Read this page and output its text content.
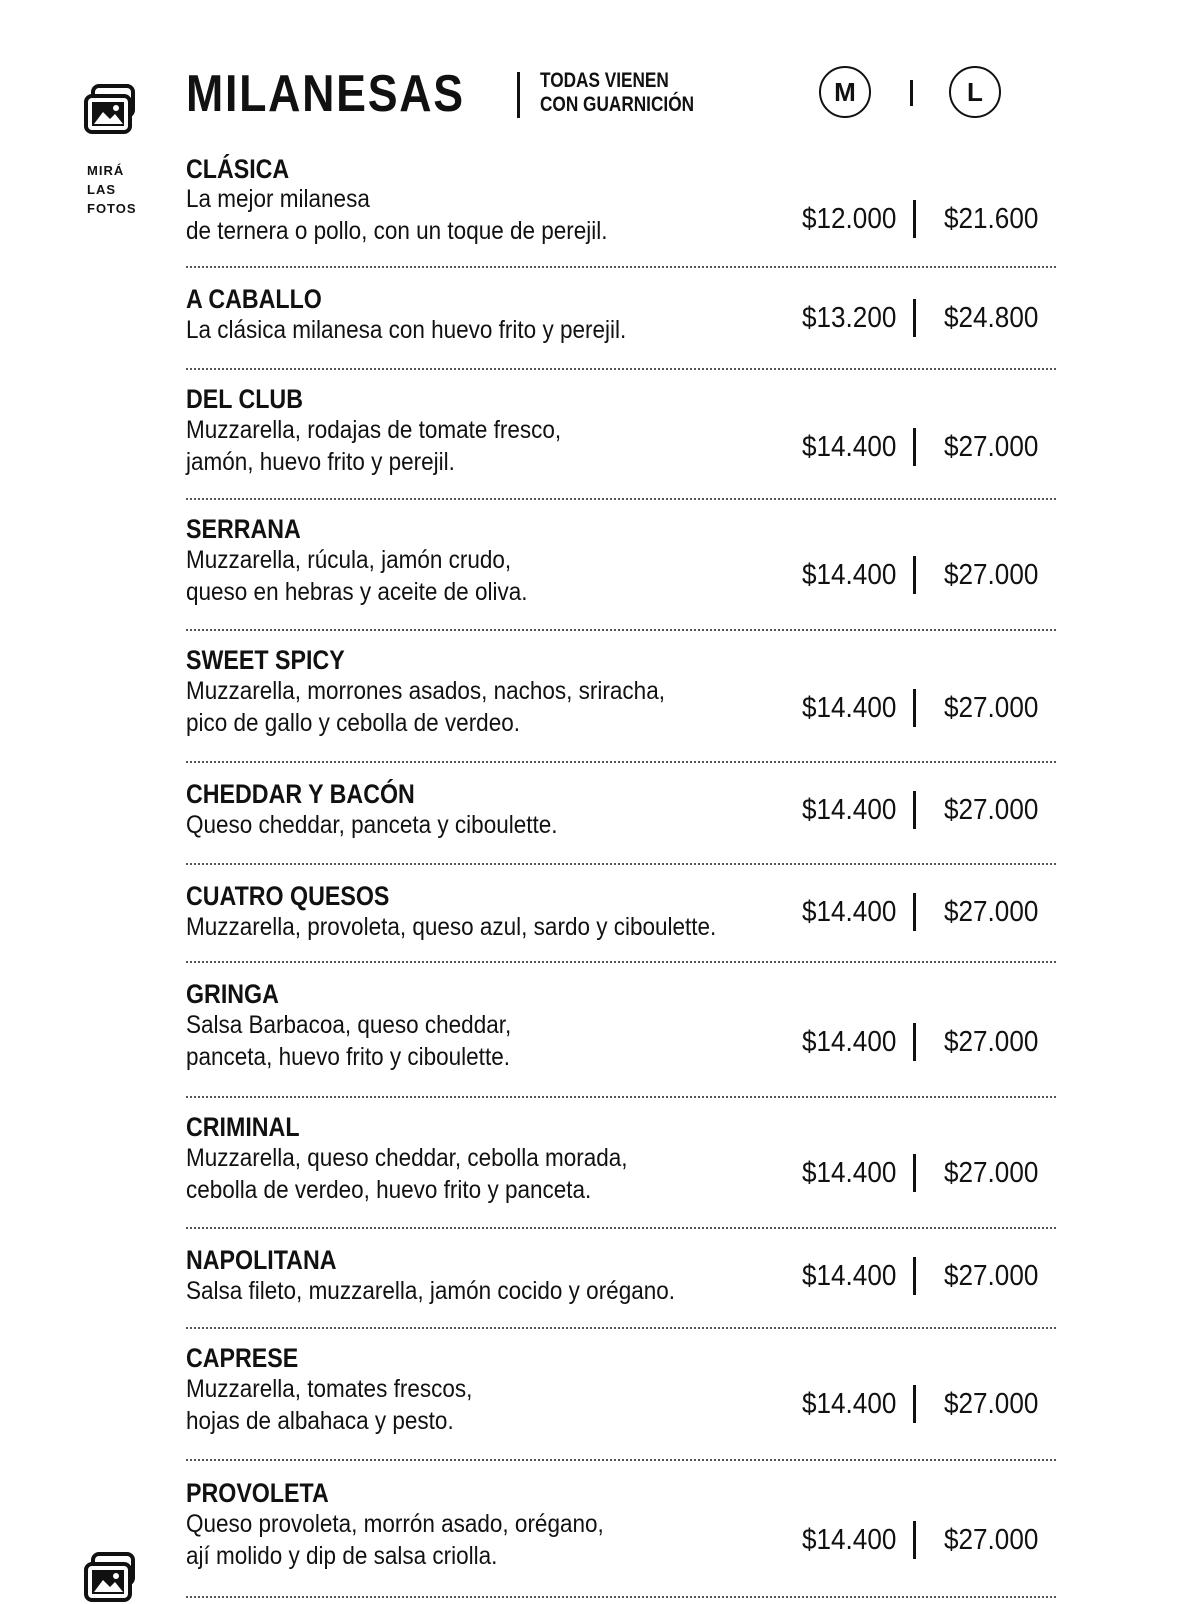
MIRÁ
LAS
FOTOS
MILANESAS	TODAS VIENEN
CON GUARNICIÓN	M	L
CLÁSICA
La mejor milanesa
de ternera o pollo, con un toque de perejil.	$12.000 $21.600
A CABALLO
La clásica milanesa con huevo frito y perejil.	$13.200 $24.800
DEL CLUB
Muzzarella, rodajas de tomate fresco,
jamón, huevo frito y perejil.	$14.400 $27.000
SERRANA
Muzzarella, rúcula, jamón crudo,
queso en hebras y aceite de oliva.
$14.400 $27.000
SWEET SPICY
Muzzarella, morrones asados, nachos, sriracha,
pico de gallo y cebolla de verdeo.	$14.400 $27.000
CHEDDAR Y BACÓN
Queso cheddar, panceta y ciboulette.	$14.400 $27.000
CUATRO QUESOS
Muzzarella, provoleta, queso azul, sardo y ciboulette.	$14.400 $27.000
GRINGA
Salsa Barbacoa, queso cheddar,
panceta, huevo frito y ciboulette.	$14.400 $27.000
CRIMINAL
Muzzarella, queso cheddar, cebolla morada,
cebolla de verdeo, huevo frito y panceta.
$14.400 $27.000
NAPOLITANA
Salsa fileto, muzzarella, jamón cocido y orégano.	$14.400 $27.000
CAPRESE
Muzzarella, tomates frescos,
hojas de albahaca y pesto.
$14.400 $27.000
PROVOLETA
Queso provoleta, morrón asado, orégano,
ají molido y dip de salsa criolla.	$14.400 $27.000
